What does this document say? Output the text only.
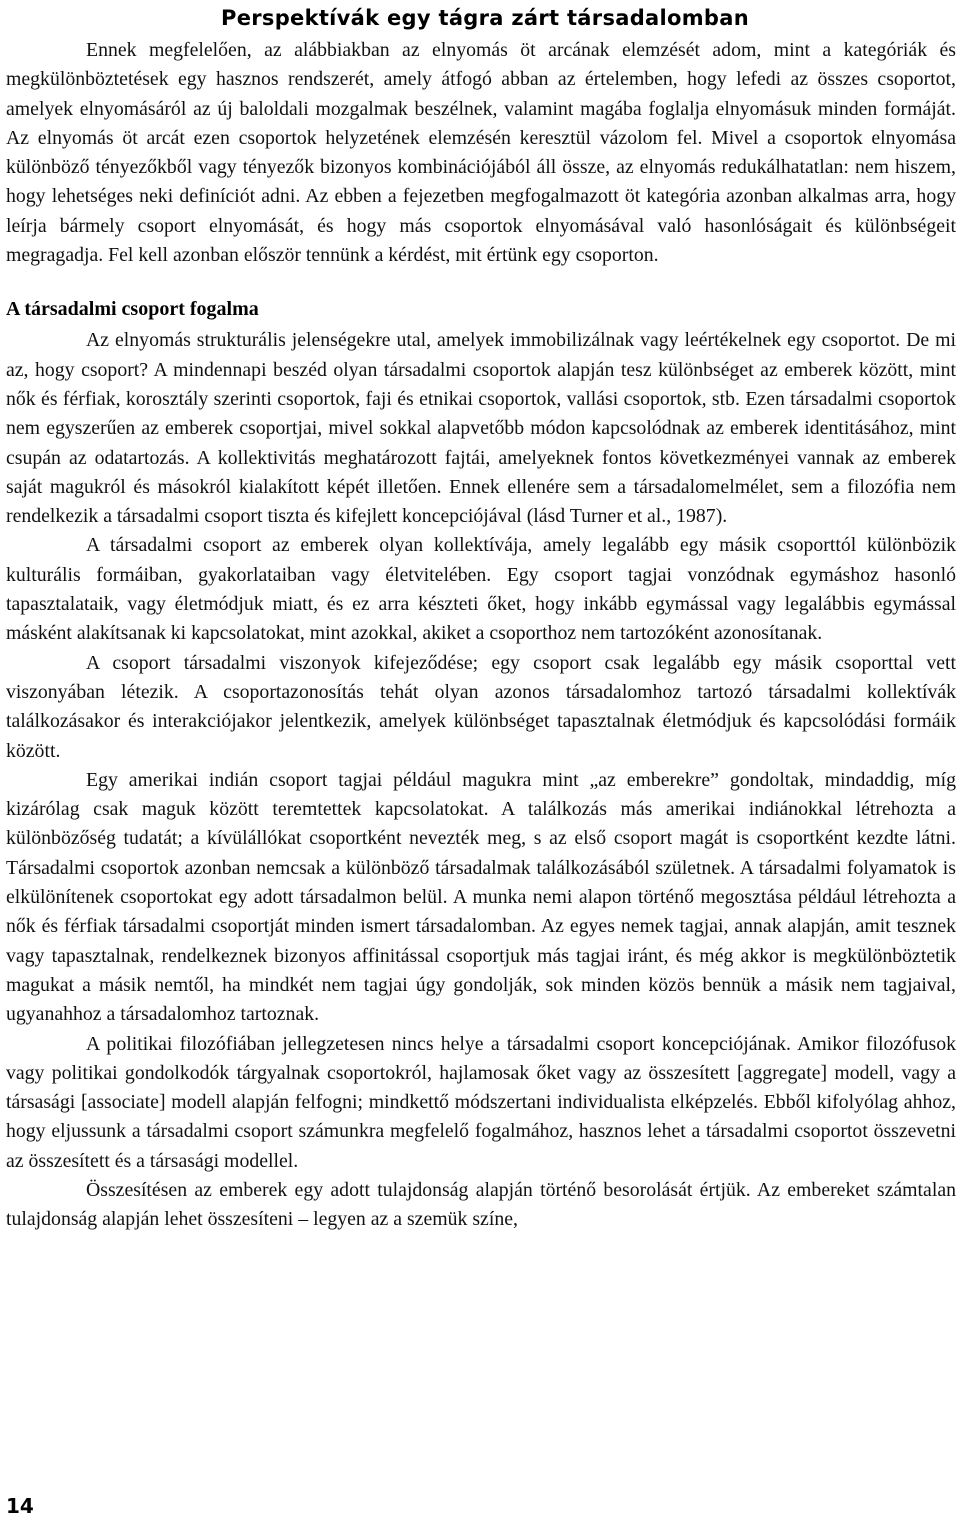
Perspektívák egy tágra zárt társadalomban

Ennek megfelelően, az alábbiakban az elnyomás öt arcának elemzését adom, mint a kategóriák és megkülönböztetések egy hasznos rendszerét, amely átfogó abban az értelemben, hogy lefedi az összes csoportot, amelyek elnyomásáról az új baloldali mozgalmak beszélnek, valamint magába foglalja elnyomásuk minden formáját. Az elnyomás öt arcát ezen csoportok helyzetének elemzésén keresztül vázolom fel. Mivel a csoportok elnyomása különböző tényezőkből vagy tényezők bizonyos kombinációjából áll össze, az elnyomás redukálhatatlan: nem hiszem, hogy lehetséges neki definíciót adni. Az ebben a fejezetben megfogalmazott öt kategória azonban alkalmas arra, hogy leírja bármely csoport elnyomását, és hogy más csoportok elnyomásával való hasonlóságait és különbségeit megragadja. Fel kell azonban először tennünk a kérdést, mit értünk egy csoporton.

A társadalmi csoport fogalma

Az elnyomás strukturális jelenségekre utal, amelyek immobilizálnak vagy leértékelnek egy csoportot. De mi az, hogy csoport? A mindennapi beszéd olyan társadalmi csoportok alapján tesz különbséget az emberek között, mint nők és férfiak, korosztály szerinti csoportok, faji és etnikai csoportok, vallási csoportok, stb. Ezen társadalmi csoportok nem egyszerűen az emberek csoportjai, mivel sokkal alapvetőbb módon kapcsolódnak az emberek identitásához, mint csupán az odatartozás. A kollektivitás meghatározott fajtái, amelyeknek fontos következményei vannak az emberek saját magukról és másokról kialakított képét illetően. Ennek ellenére sem a társadalomelmélet, sem a filozófia nem rendelkezik a társadalmi csoport tiszta és kifejlett koncepciójával (lásd Turner et al., 1987).

A társadalmi csoport az emberek olyan kollektívája, amely legalább egy másik csoporttól különbözik kulturális formáiban, gyakorlataiban vagy életvitelében. Egy csoport tagjai vonzódnak egymáshoz hasonló tapasztalataik, vagy életmódjuk miatt, és ez arra készteti őket, hogy inkább egymással vagy legalábbis egymással másként alakítsanak ki kapcsolatokat, mint azokkal, akiket a csoporthoz nem tartozóként azonosítanak.

A csoport társadalmi viszonyok kifejeződése; egy csoport csak legalább egy másik csoporttal vett viszonyában létezik. A csoportazonosítás tehát olyan azonos társadalomhoz tartozó társadalmi kollektívák találkozásakor és interakciójakor jelentkezik, amelyek különbséget tapasztalnak életmódjuk és kapcsolódási formáik között.

Egy amerikai indián csoport tagjai például magukra mint „az emberekre” gondoltak, mindaddig, míg kizárólag csak maguk között teremtettek kapcsolatokat. A találkozás más amerikai indiánokkal létrehozta a különbözőség tudatát; a kívülállókat csoportként nevezték meg, s az első csoport magát is csoportként kezdte látni. Társadalmi csoportok azonban nemcsak a különböző társadalmak találkozásából születnek. A társadalmi folyamatok is elkülönítenek csoportokat egy adott társadalmon belül. A munka nemi alapon történő megosztása például létrehozta a nők és férfiak társadalmi csoportját minden ismert társadalomban. Az egyes nemek tagjai, annak alapján, amit tesznek vagy tapasztalnak, rendelkeznek bizonyos affinitással csoportjuk más tagjai iránt, és még akkor is megkülönböztetik magukat a másik nemtől, ha mindkét nem tagjai úgy gondolják, sok minden közös bennük a másik nem tagjaival, ugyanahhoz a társadalomhoz tartoznak.

A politikai filozófiában jellegzetesen nincs helye a társadalmi csoport koncepciójának. Amikor filozófusok vagy politikai gondolkodók tárgyalnak csoportokról, hajlamosak őket vagy az összesített [aggregate] modell, vagy a társasági [associate] modell alapján felfogni; mindkettő módszertani individualista elképzelés. Ebből kifolyólag ahhoz, hogy eljussunk a társadalmi csoport számunkra megfelelő fogalmához, hasznos lehet a társadalmi csoportot összevetni az összesített és a társasági modellel.

Összesítésen az emberek egy adott tulajdonság alapján történő besorolását értjük. Az embereket számtalan tulajdonság alapján lehet összesíteni – legyen az a szemük színe,

14
